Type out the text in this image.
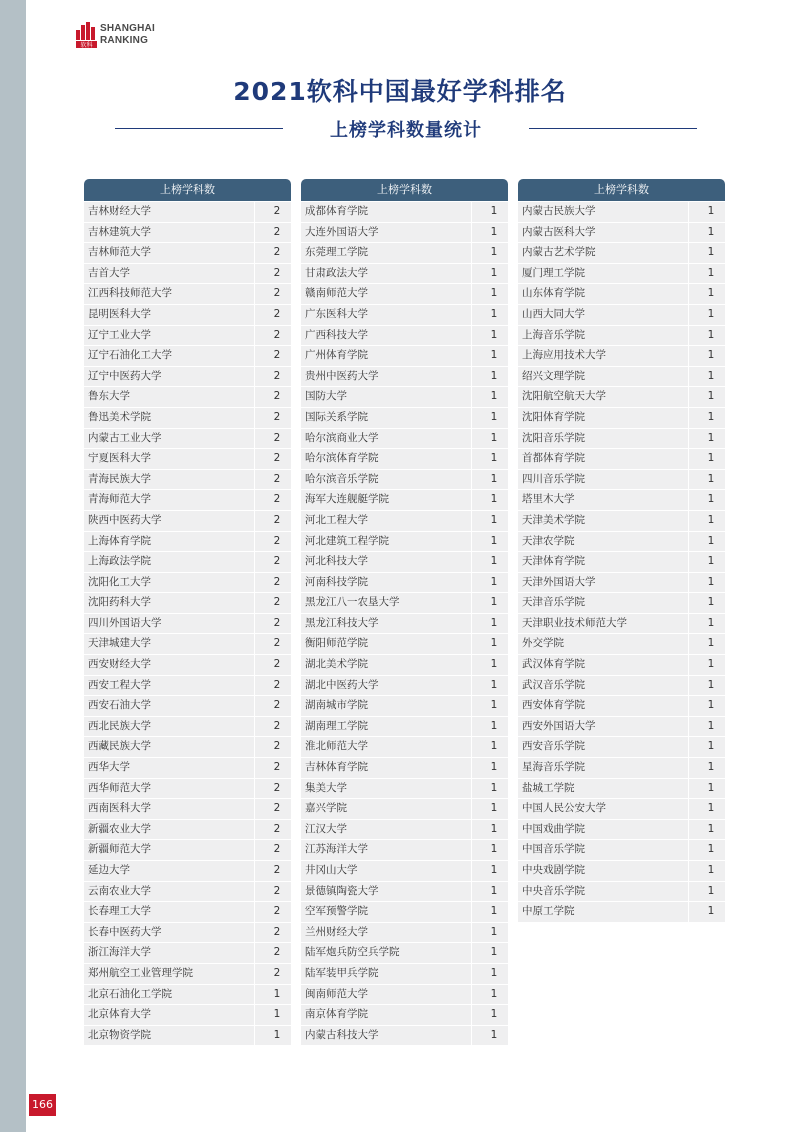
软科
SHANGHAI
RANKING
2021软科中国最好学科排名
上榜学科数量统计
上榜学科数
吉林财经大学	2
吉林建筑大学	2
吉林师范大学	2
吉首大学	2
江西科技师范大学	2
昆明医科大学	2
辽宁工业大学	2
辽宁石油化工大学	2
辽宁中医药大学	2
鲁东大学	2
鲁迅美术学院	2
内蒙古工业大学	2
宁夏医科大学	2
青海民族大学	2
青海师范大学	2
陕西中医药大学	2
上海体育学院	2
上海政法学院	2
沈阳化工大学	2
沈阳药科大学	2
四川外国语大学	2
天津城建大学	2
西安财经大学	2
西安工程大学	2
西安石油大学	2
西北民族大学	2
西藏民族大学	2
西华大学	2
西华师范大学	2
西南医科大学	2
新疆农业大学	2
新疆师范大学	2
延边大学	2
云南农业大学	2
长春理工大学	2
长春中医药大学	2
浙江海洋大学	2
郑州航空工业管理学院	2
北京石油化工学院	1
北京体育大学	1
北京物资学院	1
上榜学科数
成都体育学院	1
大连外国语大学	1
东莞理工学院	1
甘肃政法大学	1
赣南师范大学	1
广东医科大学	1
广西科技大学	1
广州体育学院	1
贵州中医药大学	1
国防大学	1
国际关系学院	1
哈尔滨商业大学	1
哈尔滨体育学院	1
哈尔滨音乐学院	1
海军大连舰艇学院	1
河北工程大学	1
河北建筑工程学院	1
河北科技大学	1
河南科技学院	1
黑龙江八一农垦大学	1
黑龙江科技大学	1
衡阳师范学院	1
湖北美术学院	1
湖北中医药大学	1
湖南城市学院	1
湖南理工学院	1
淮北师范大学	1
吉林体育学院	1
集美大学	1
嘉兴学院	1
江汉大学	1
江苏海洋大学	1
井冈山大学	1
景德镇陶瓷大学	1
空军预警学院	1
兰州财经大学	1
陆军炮兵防空兵学院	1
陆军装甲兵学院	1
闽南师范大学	1
南京体育学院	1
内蒙古科技大学	1
上榜学科数
内蒙古民族大学	1
内蒙古医科大学	1
内蒙古艺术学院	1
厦门理工学院	1
山东体育学院	1
山西大同大学	1
上海音乐学院	1
上海应用技术大学	1
绍兴文理学院	1
沈阳航空航天大学	1
沈阳体育学院	1
沈阳音乐学院	1
首都体育学院	1
四川音乐学院	1
塔里木大学	1
天津美术学院	1
天津农学院	1
天津体育学院	1
天津外国语大学	1
天津音乐学院	1
天津职业技术师范大学	1
外交学院	1
武汉体育学院	1
武汉音乐学院	1
西安体育学院	1
西安外国语大学	1
西安音乐学院	1
星海音乐学院	1
盐城工学院	1
中国人民公安大学	1
中国戏曲学院	1
中国音乐学院	1
中央戏剧学院	1
中央音乐学院	1
中原工学院	1
166
